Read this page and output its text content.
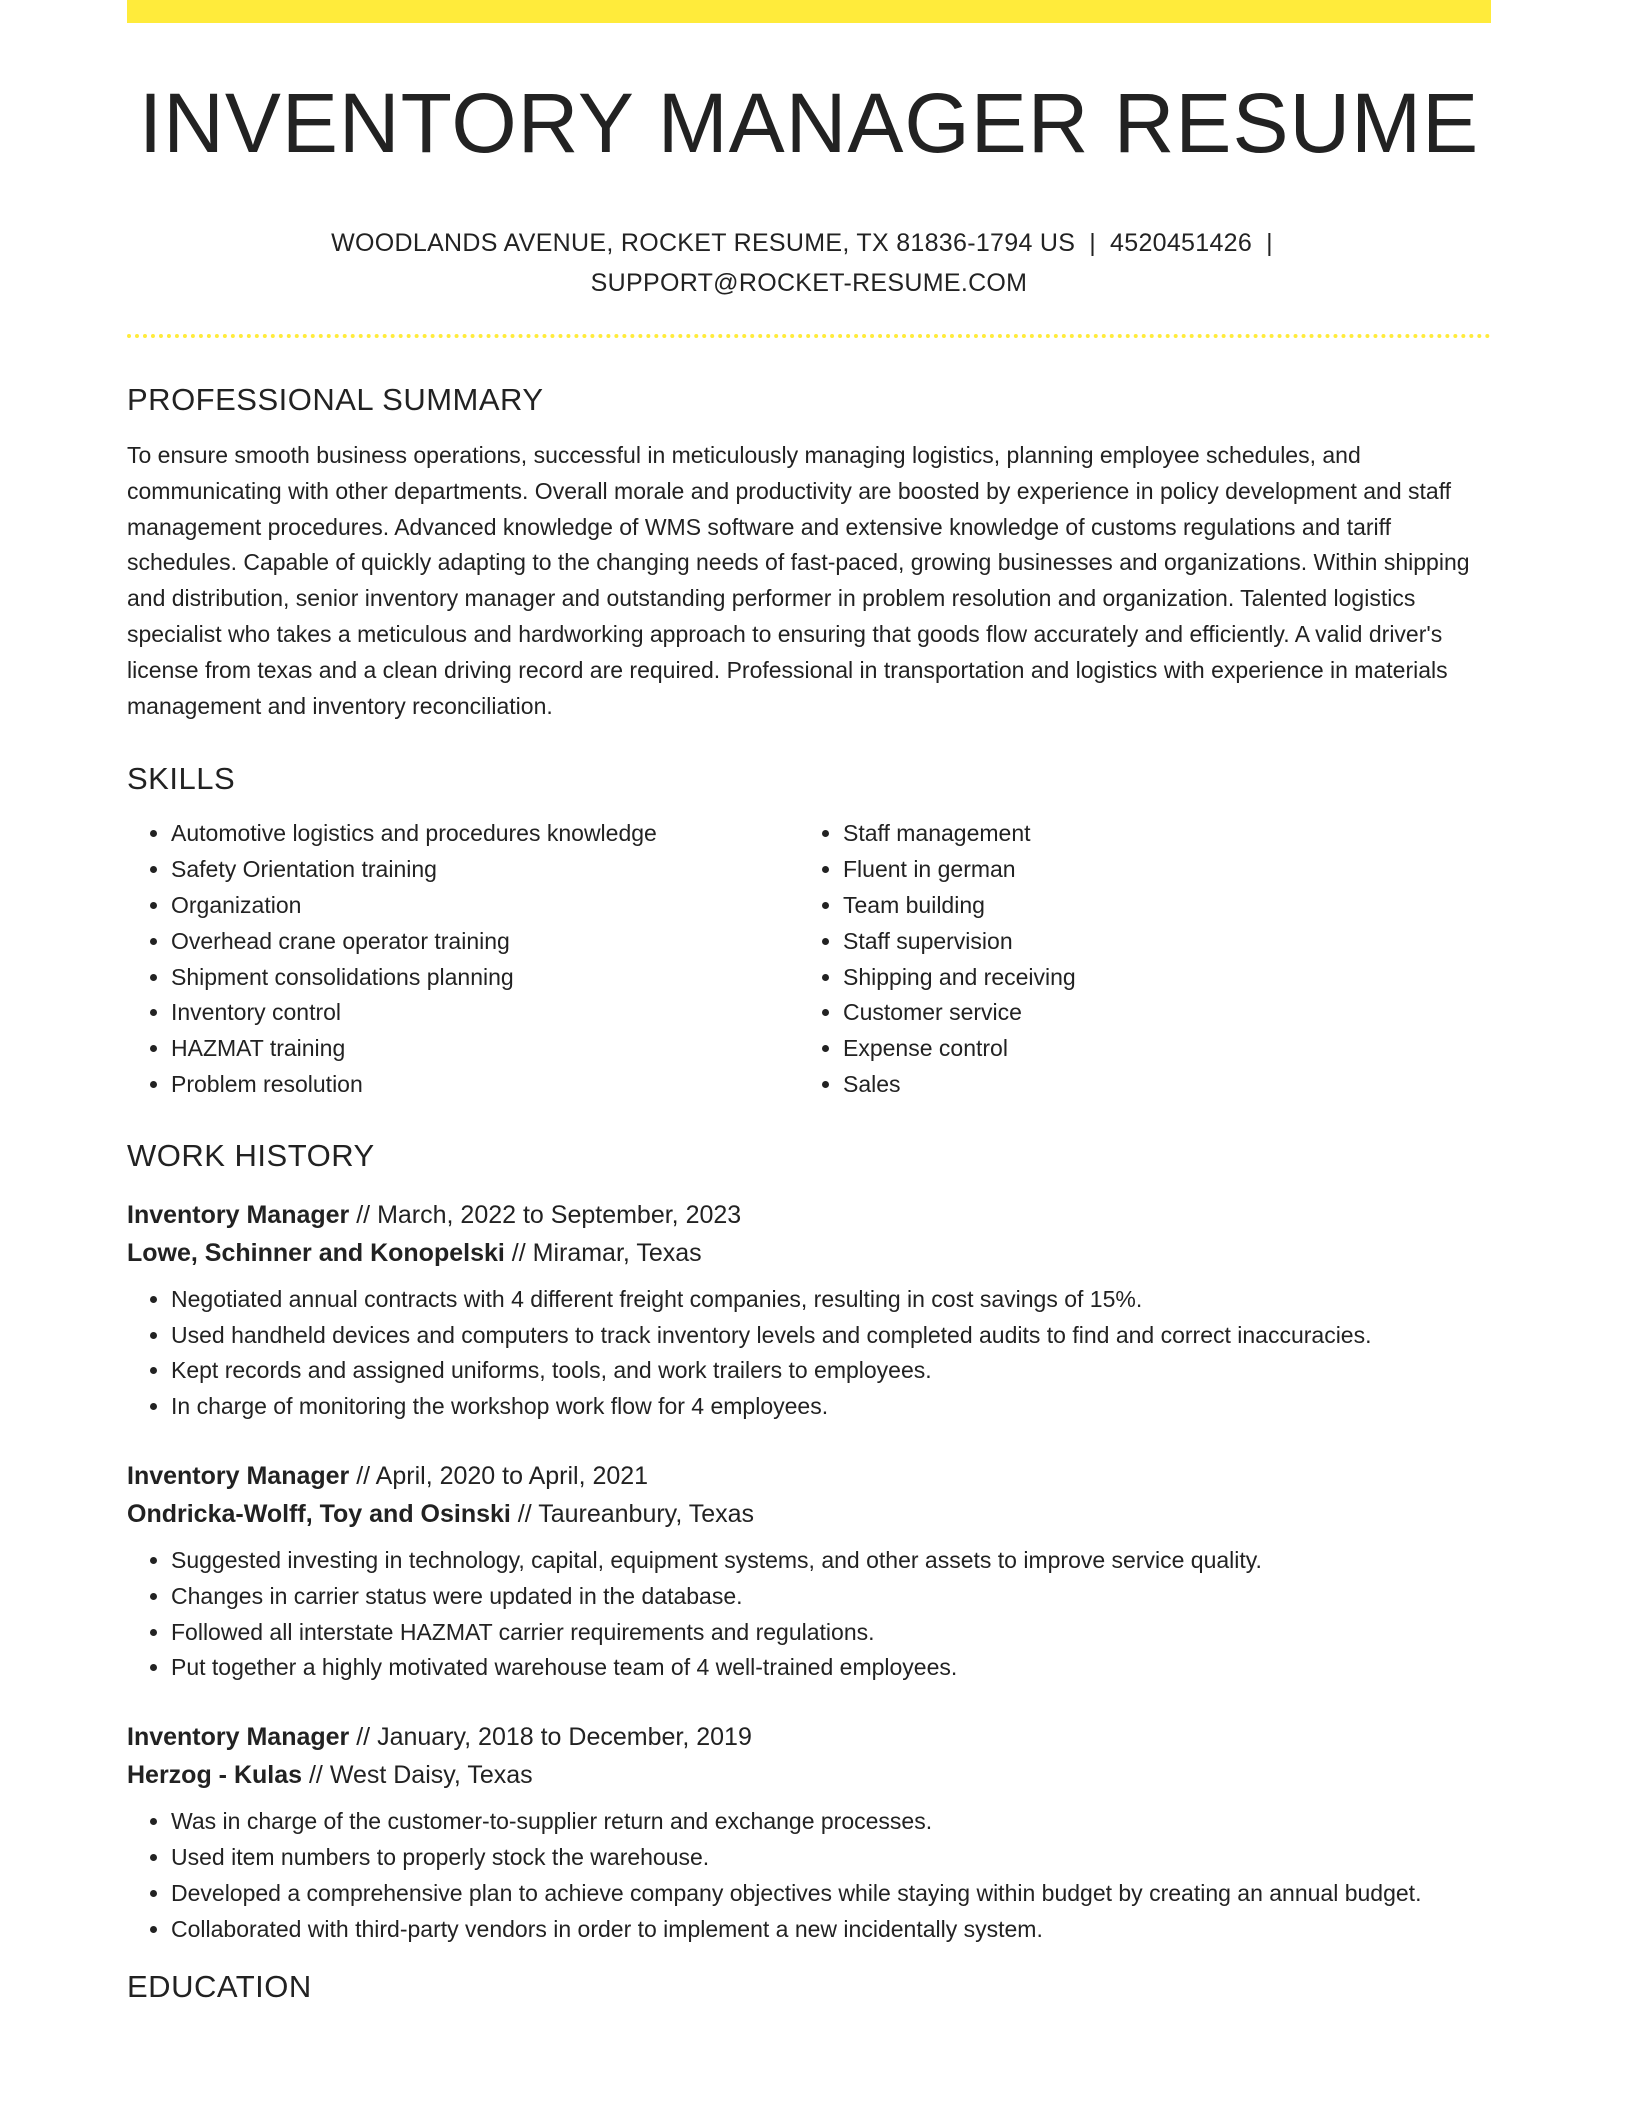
INVENTORY MANAGER RESUME
WOODLANDS AVENUE, ROCKET RESUME, TX 81836-1794 US | 4520451426 |
SUPPORT@ROCKET-RESUME.COM
PROFESSIONAL SUMMARY

To ensure smooth business operations, successful in meticulously managing logistics, planning employee schedules, and communicating with other departments. Overall morale and productivity are boosted by experience in policy development and staff management procedures. Advanced knowledge of WMS software and extensive knowledge of customs regulations and tariff schedules. Capable of quickly adapting to the changing needs of fast-paced, growing businesses and organizations. Within shipping and distribution, senior inventory manager and outstanding performer in problem resolution and organization. Talented logistics specialist who takes a meticulous and hardworking approach to ensuring that goods flow accurately and efficiently. A valid driver's license from texas and a clean driving record are required. Professional in transportation and logistics with experience in materials management and inventory reconciliation.

SKILLS
• Automotive logistics and procedures knowledge
• Safety Orientation training
• Organization
• Overhead crane operator training
• Shipment consolidations planning
• Inventory control
• HAZMAT training
• Problem resolution
• Staff management
• Fluent in german
• Team building
• Staff supervision
• Shipping and receiving
• Customer service
• Expense control
• Sales
WORK HISTORY
Inventory Manager // March, 2022 to September, 2023
Lowe, Schinner and Konopelski // Miramar, Texas
• Negotiated annual contracts with 4 different freight companies, resulting in cost savings of 15%.
• Used handheld devices and computers to track inventory levels and completed audits to find and correct inaccuracies.
• Kept records and assigned uniforms, tools, and work trailers to employees.
• In charge of monitoring the workshop work flow for 4 employees.
Inventory Manager // April, 2020 to April, 2021
Ondricka-Wolff, Toy and Osinski // Taureanbury, Texas
• Suggested investing in technology, capital, equipment systems, and other assets to improve service quality.
• Changes in carrier status were updated in the database.
• Followed all interstate HAZMAT carrier requirements and regulations.
• Put together a highly motivated warehouse team of 4 well-trained employees.
Inventory Manager // January, 2018 to December, 2019
Herzog - Kulas // West Daisy, Texas
• Was in charge of the customer-to-supplier return and exchange processes.
• Used item numbers to properly stock the warehouse.
• Developed a comprehensive plan to achieve company objectives while staying within budget by creating an annual budget.
• Collaborated with third-party vendors in order to implement a new incidentally system.
EDUCATION
